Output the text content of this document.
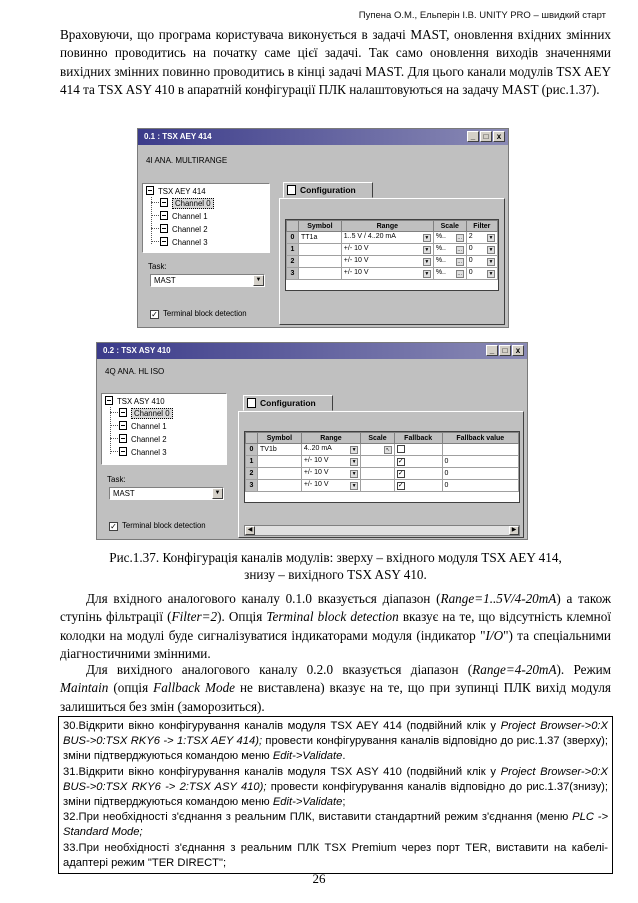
Пупена О.М., Ельперін І.В. UNITY PRO – швидкий старт
Враховуючи, що програма користувача виконується в задачі MAST, оновлення вхідних змінних повинно проводитись на початку саме цієї задачі. Так само оновлення виходів значеннями вихідних змінних повинно проводитись в кінці задачі MAST. Для цього канали модулів TSX AEY 414 та TSX ASY 410 в апаратній конфігурації ПЛК налаштовуються на задачу MAST (рис.1.37).
0.1 : TSX AEY 414	_	□	x
4I ANA. MULTIRANGE
TSX AEY 414
Channel 0
Channel 1
Channel 2
Channel 3
Task:
MAST	▼
✓ Terminal block detection
Configuration
	Symbol	Range	Scale	Filter
0	TT1a	1..5 V / 4..20 mA ▼	%.. …	2 ▼

1		+/- 10 V ▼	%.. …	0 ▼

2		+/- 10 V ▼	%.. …	0 ▼

3		+/- 10 V ▼	%.. …	0 ▼
0.2 : TSX ASY 410	_	□	x
4Q ANA. HL ISO
TSX ASY 410
Channel 0
Channel 1
Channel 2
Channel 3
Task:
MAST	▼
✓ Terminal block detection
Configuration
	Symbol	Range	Scale	Fallback	Fallback value
0	TV1b	4..20 mA ▼	↖		

1		+/- 10 V ▼		✓	0
2		+/- 10 V ▼		✓	0
3		+/- 10 V ▼		✓	0
◀	▶
Рис.1.37. Конфігурація каналів модулів: зверху – вхідного модуля TSX AEY 414,
знизу – вихідного TSX ASY 410.
Для вхідного аналогового каналу 0.1.0 вказується діапазон (Range=1..5V/4-20mA) а також ступінь фільтрації (Filter=2). Опція Terminal block detection вказує на те, що відсутність клемної колодки на модулі буде сигналізуватися індикаторами модуля (індикатор "I/O") та спеціальними діагностичними змінними.
Для вихідного аналогового каналу 0.2.0 вказується діапазон (Range=4-20mA). Режим Maintain (опція Fallback Mode не виставлена) вказує на те, що при зупинці ПЛК вихід модуля залишиться без змін (заморозиться).

30.Відкрити вікно конфігурування каналів модуля TSX AEY 414 (подвійний клік у Project Browser->0:X BUS->0:TSX RKY6 -> 1:TSX AEY 414); провести конфігурування каналів відповідно до рис.1.37 (зверху); зміни підтверджуються командою меню Edit->Validate.

31.Відкрити вікно конфігурування каналів модуля TSX ASY 410 (подвійний клік у Project Browser->0:X BUS->0:TSX RKY6 -> 2:TSX ASY 410); провести конфігурування каналів відповідно до рис.1.37(знизу); зміни підтверджуються командою меню Edit->Validate;

32.При необхідності з'єднання з реальним ПЛК, виставити стандартний режим з'єднання (меню PLC -> Standard Mode;

33.При необхідності з'єднання з реальним ПЛК TSX Premium через порт TER, виставити на кабелі-адаптері режим "TER DIRECT";

26
